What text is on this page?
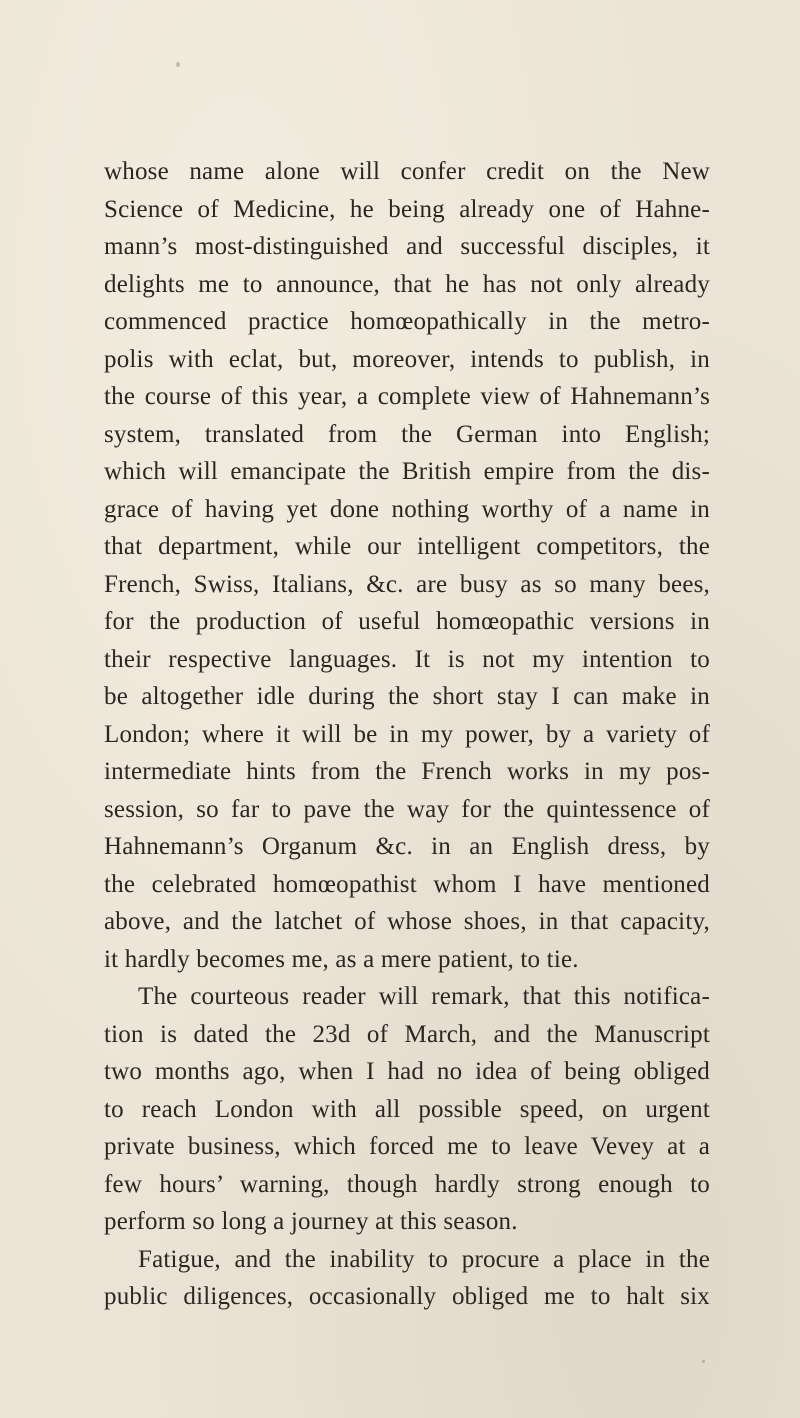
whose name alone will confer credit on the New
Science of Medicine, he being already one of Hahne-
mann’s most-distinguished and successful disciples, it
delights me to announce, that he has not only already
commenced practice homœopathically in the metro-
polis with eclat, but, moreover, intends to publish, in
the course of this year, a complete view of Hahnemann’s
system, translated from the German into English;
which will emancipate the British empire from the dis-
grace of having yet done nothing worthy of a name in
that department, while our intelligent competitors, the
French, Swiss, Italians, &c. are busy as so many bees,
for the production of useful homœopathic versions in
their respective languages. It is not my intention to
be altogether idle during the short stay I can make in
London; where it will be in my power, by a variety of
intermediate hints from the French works in my pos-
session, so far to pave the way for the quintessence of
Hahnemann’s Organum &c. in an English dress, by
the celebrated homœopathist whom I have mentioned
above, and the latchet of whose shoes, in that capacity,
it hardly becomes me, as a mere patient, to tie.
The courteous reader will remark, that this notifica-
tion is dated the 23d of March, and the Manuscript
two months ago, when I had no idea of being obliged
to reach London with all possible speed, on urgent
private business, which forced me to leave Vevey at a
few hours’ warning, though hardly strong enough to
perform so long a journey at this season.
Fatigue, and the inability to procure a place in the
public diligences, occasionally obliged me to halt six
